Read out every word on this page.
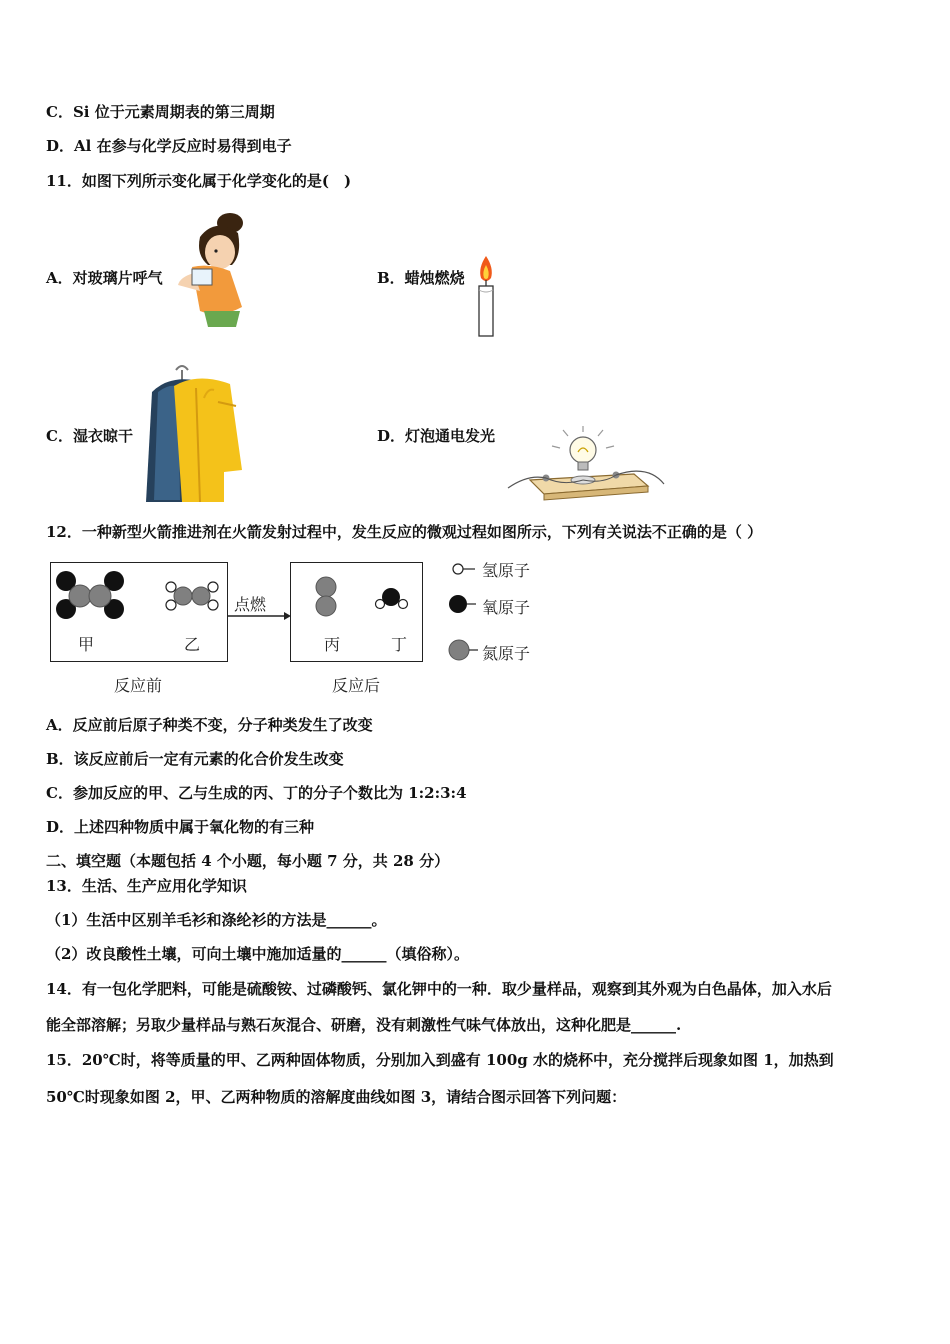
C．Si 位于元素周期表的第三周期
D．Al 在参与化学反应时易得到电子
11．如图下列所示变化属于化学变化的是(　)
A．对玻璃片呼气	B．蜡烛燃烧
C．湿衣晾干	D．灯泡通电发光
12．一种新型火箭推进剂在火箭发射过程中，发生反应的微观过程如图所示，下列有关说法不正确的是（ ）
甲	乙	丙	丁
点燃
反应前	反应后
氢原子
氧原子
氮原子
A．反应前后原子种类不变，分子种类发生了改变
B．该反应前后一定有元素的化合价发生改变
C．参加反应的甲、乙与生成的丙、丁的分子个数比为 1:2:3:4
D．上述四种物质中属于氧化物的有三种
二、填空题（本题包括 4 个小题，每小题 7 分，共 28 分）
13．生活、生产应用化学知识
（1）生活中区别羊毛衫和涤纶衫的方法是______。
（2）改良酸性土壤，可向土壤中施加适量的______（填俗称）。
14．有一包化学肥料，可能是硫酸铵、过磷酸钙、氯化钾中的一种．取少量样品，观察到其外观为白色晶体，加入水后
能全部溶解；另取少量样品与熟石灰混合、研磨，没有刺激性气味气体放出，这种化肥是______.
15．20℃时，将等质量的甲、乙两种固体物质，分别加入到盛有 100g 水的烧杯中，充分搅拌后现象如图 1，加热到
50℃时现象如图 2，甲、乙两种物质的溶解度曲线如图 3，请结合图示回答下列问题：
